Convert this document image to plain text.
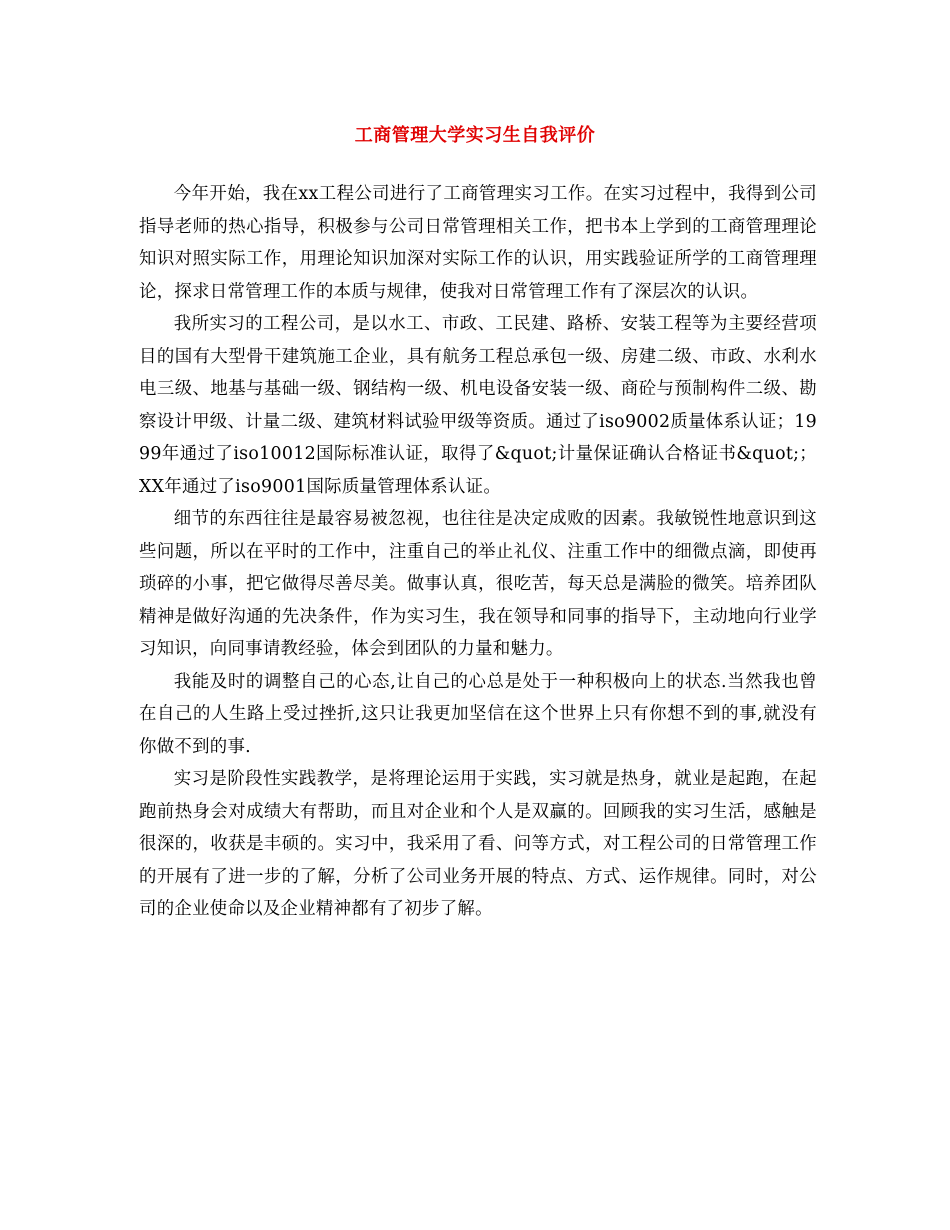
工商管理大学实习生自我评价

今年开始，我在xx工程公司进行了工商管理实习工作。在实习过程中，我得到公司指导老师的热心指导，积极参与公司日常管理相关工作，把书本上学到的工商管理理论知识对照实际工作，用理论知识加深对实际工作的认识，用实践验证所学的工商管理理论，探求日常管理工作的本质与规律，使我对日常管理工作有了深层次的认识。

我所实习的工程公司，是以水工、市政、工民建、路桥、安装工程等为主要经营项目的国有大型骨干建筑施工企业，具有航务工程总承包一级、房建二级、市政、水利水电三级、地基与基础一级、钢结构一级、机电设备安装一级、商砼与预制构件二级、勘察设计甲级、计量二级、建筑材料试验甲级等资质。通过了iso9002质量体系认证；1999年通过了iso10012国际标准认证，取得了&quot;计量保证确认合格证书&quot;；XX年通过了iso9001国际质量管理体系认证。

细节的东西往往是最容易被忽视，也往往是决定成败的因素。我敏锐性地意识到这些问题，所以在平时的工作中，注重自己的举止礼仪、注重工作中的细微点滴，即使再琐碎的小事，把它做得尽善尽美。做事认真，很吃苦，每天总是满脸的微笑。培养团队精神是做好沟通的先决条件，作为实习生，我在领导和同事的指导下，主动地向行业学习知识，向同事请教经验，体会到团队的力量和魅力。

我能及时的调整自己的心态,让自己的心总是处于一种积极向上的状态.当然我也曾在自己的人生路上受过挫折,这只让我更加坚信在这个世界上只有你想不到的事,就没有你做不到的事.

实习是阶段性实践教学，是将理论运用于实践，实习就是热身，就业是起跑，在起跑前热身会对成绩大有帮助，而且对企业和个人是双赢的。回顾我的实习生活，感触是很深的，收获是丰硕的。实习中，我采用了看、问等方式，对工程公司的日常管理工作的开展有了进一步的了解，分析了公司业务开展的特点、方式、运作规律。同时，对公司的企业使命以及企业精神都有了初步了解。
